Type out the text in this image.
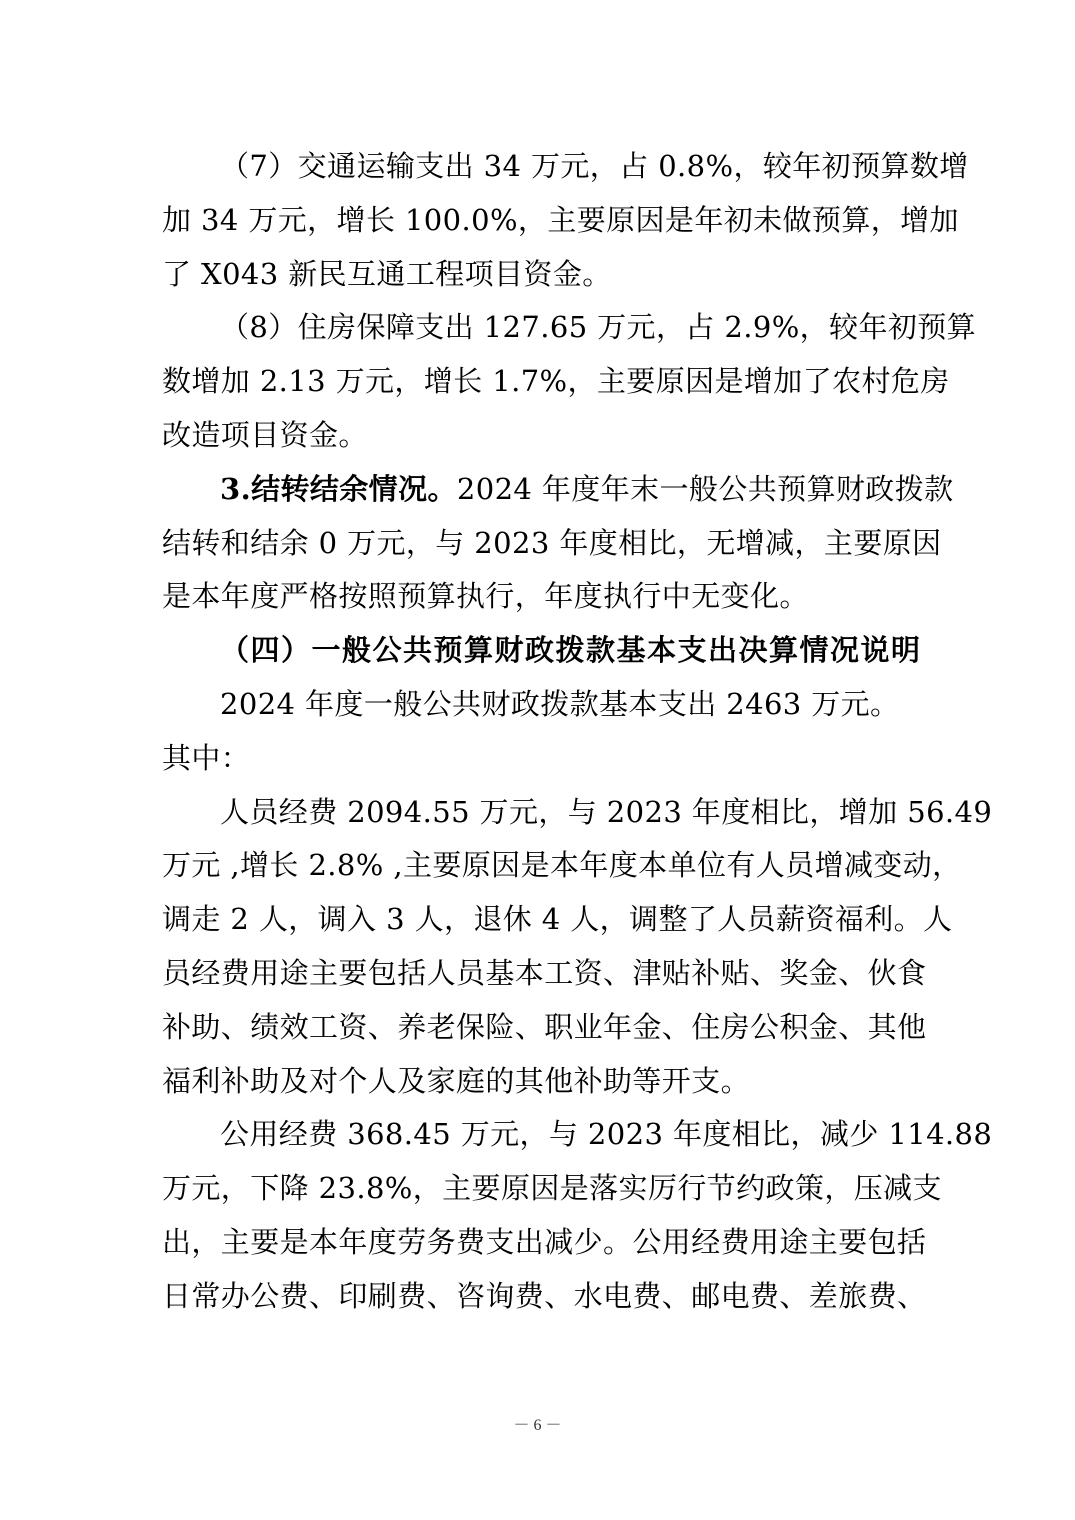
（7）交通运输支出 34 万元，占 0.8%，较年初预算数增
加 34 万元，增长 100.0%，主要原因是年初未做预算，增加
了 X043 新民互通工程项目资金。
（8）住房保障支出 127.65 万元，占 2.9%，较年初预算
数增加 2.13 万元，增长 1.7%，主要原因是增加了农村危房
改造项目资金。
3.结转结余情况。2024 年度年末一般公共预算财政拨款
结转和结余 0 万元，与 2023 年度相比，无增减，主要原因
是本年度严格按照预算执行，年度执行中无变化。
（四）一般公共预算财政拨款基本支出决算情况说明
2024 年度一般公共财政拨款基本支出 2463 万元。
其中：
人员经费 2094.55 万元，与 2023 年度相比，增加 56.49
万元 ,增长 2.8% ,主要原因是本年度本单位有人员增减变动，
调走 2 人，调入 3 人，退休 4 人，调整了人员薪资福利。人
员经费用途主要包括人员基本工资、津贴补贴、奖金、伙食
补助、绩效工资、养老保险、职业年金、住房公积金、其他
福利补助及对个人及家庭的其他补助等开支。
公用经费 368.45 万元，与 2023 年度相比，减少 114.88
万元，下降 23.8%，主要原因是落实厉行节约政策，压减支
出，主要是本年度劳务费支出减少。公用经费用途主要包括
日常办公费、印刷费、咨询费、水电费、邮电费、差旅费、
－ 6 －
